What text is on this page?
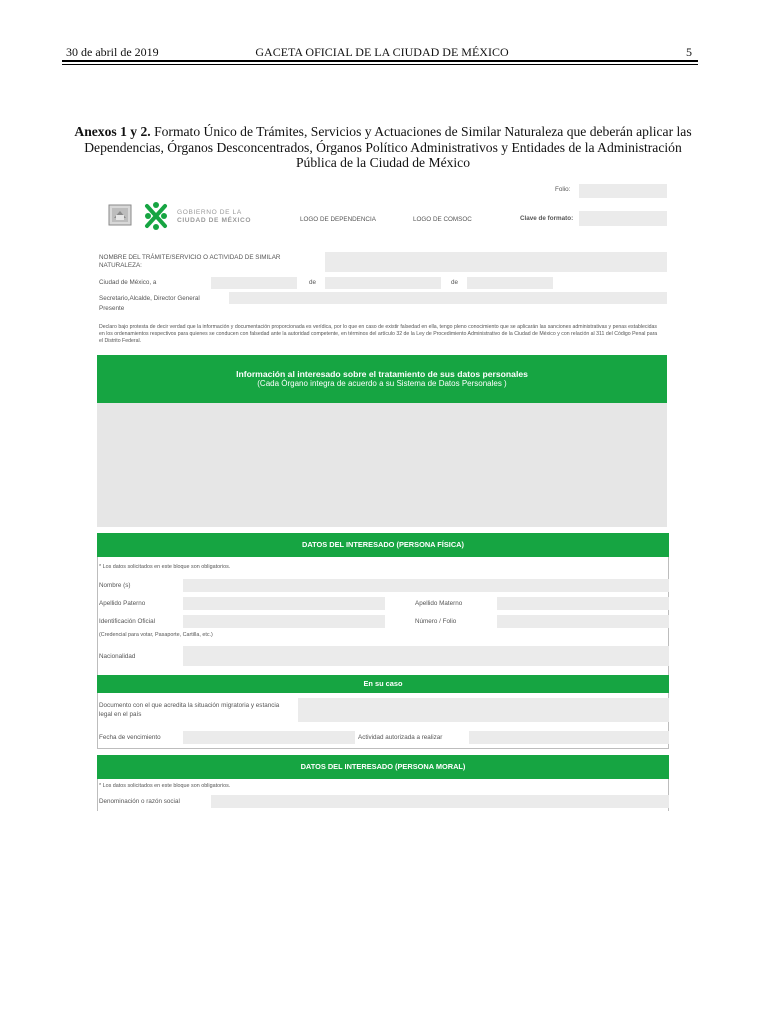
30 de abril de 2019	GACETA OFICIAL DE LA CIUDAD DE MÉXICO	5
Anexos 1 y 2. Formato Único de Trámites, Servicios y Actuaciones de Similar Naturaleza que deberán aplicar las Dependencias, Órganos Desconcentrados, Órganos Político Administrativos y Entidades de la Administración Pública de la Ciudad de México
Folio:
GOBIERNO DE LA
CIUDAD DE MÉXICO	LOGO DE DEPENDENCIA	LOGO DE COMSOC	Clave de formato:
NOMBRE DEL TRÁMITE/SERVICIO O ACTIVIDAD DE SIMILAR NATURALEZA:
Ciudad de México, a	de	de
Secretario,Alcalde, Director General
Presente
Declaro bajo protesta de decir verdad que la información y documentación proporcionada es verídica, por lo que en caso de existir falsedad en ella, tengo pleno conocimiento que se aplicarán las sanciones administrativas y penas establecidas en los ordenamientos respectivos para quienes se conducen con falsedad ante la autoridad competente, en términos del artículo 32 de la Ley de Procedimiento Administrativo de la Ciudad de México y con relación al 311 del Código Penal para el Distrito Federal.
Información al interesado sobre el tratamiento de sus datos personales
(Cada Órgano integra de acuerdo a su Sistema de Datos Personales )
DATOS DEL INTERESADO (PERSONA FÍSICA)
* Los datos solicitados en este bloque son obligatorios.
Nombre (s)
Apellido Paterno	Apellido Materno
Identificación Oficial	Número / Folio
(Credencial para votar, Pasaporte, Cartilla, etc.)
Nacionalidad
En su caso
Documento con el que acredita la situación migratoria y estancia legal en el país
Fecha de vencimiento	Actividad autorizada a realizar
DATOS DEL INTERESADO (PERSONA MORAL)
* Los datos solicitados en este bloque son obligatorios.
Denominación o razón social
